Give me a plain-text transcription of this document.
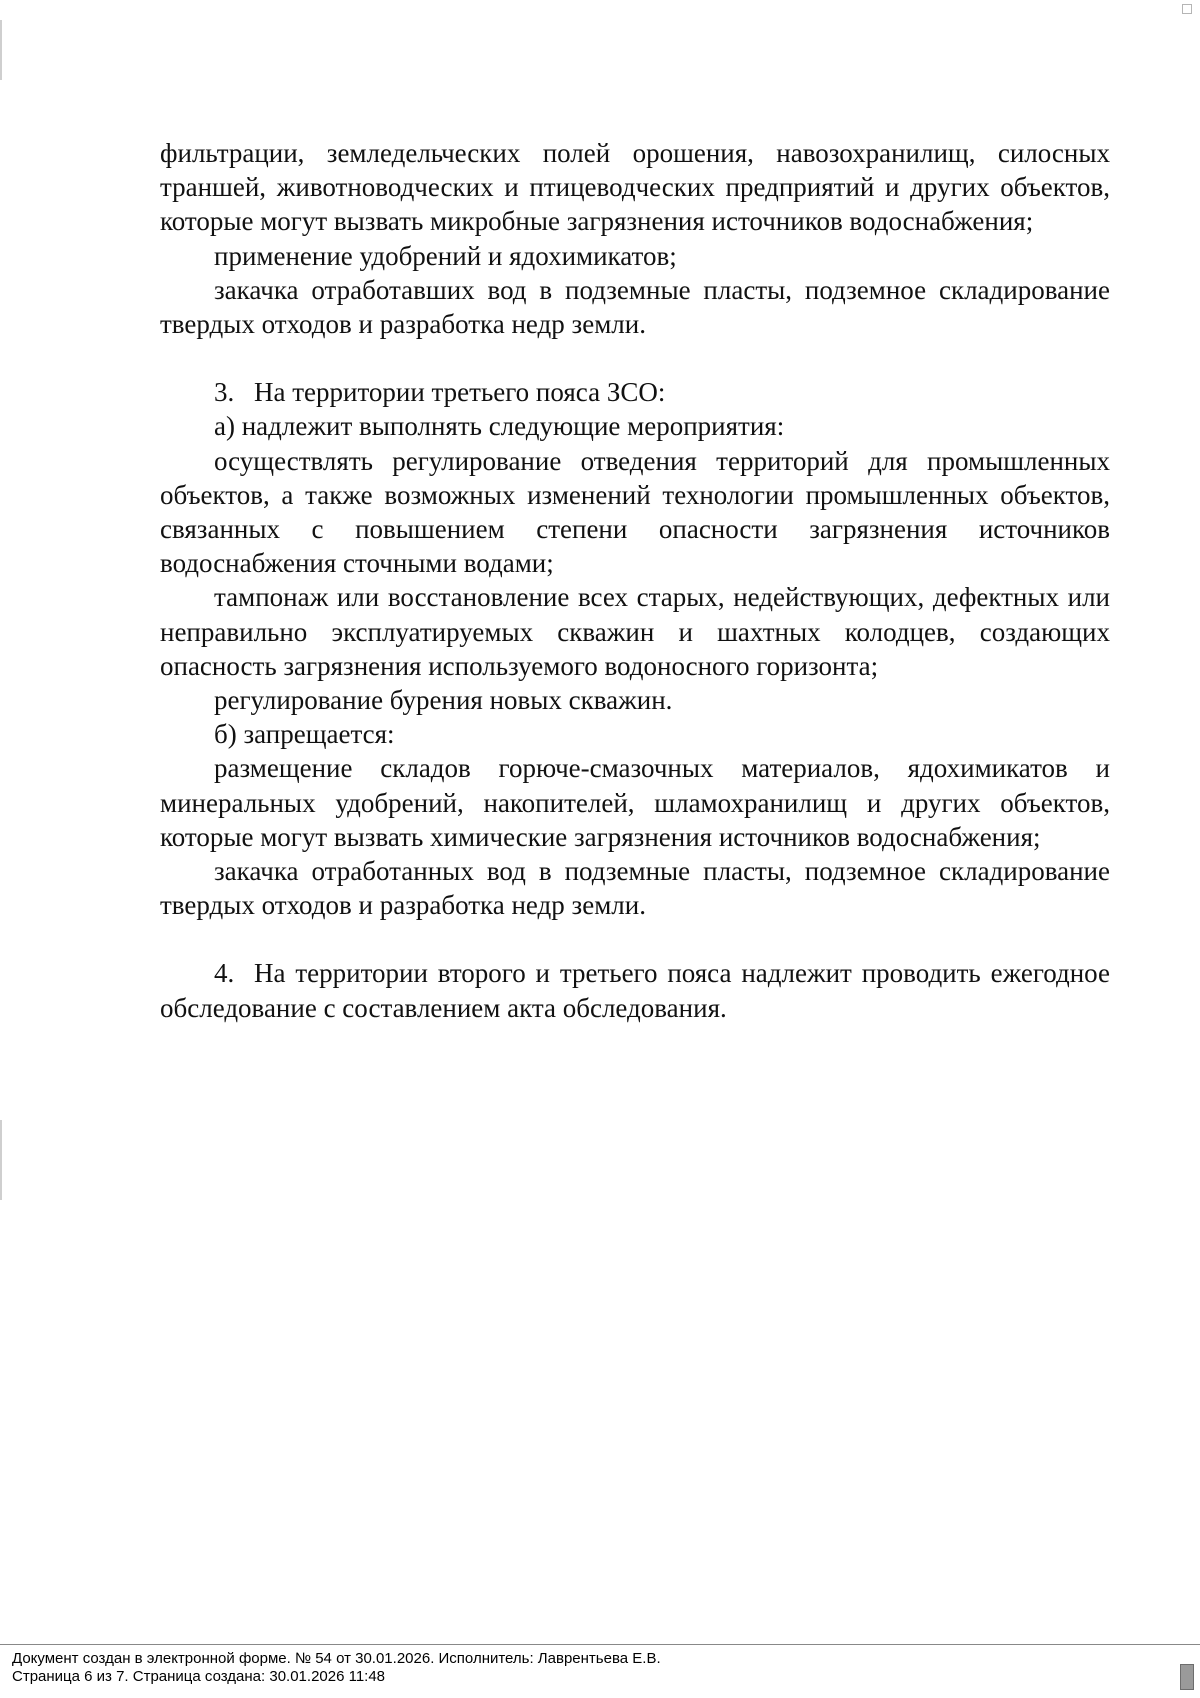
фильтрации, земледельческих полей орошения, навозохранилищ, силосных траншей, животноводческих и птицеводческих предприятий и других объектов, которые могут вызвать микробные загрязнения источников водоснабжения;

применение удобрений и ядохимикатов;

закачка отработавших вод в подземные пласты, подземное складирование твердых отходов и разработка недр земли.

3. На территории третьего пояса ЗСО:

а) надлежит выполнять следующие мероприятия:

осуществлять регулирование отведения территорий для промышленных объектов, а также возможных изменений технологии промышленных объектов, связанных с повышением степени опасности загрязнения источников водоснабжения сточными водами;

тампонаж или восстановление всех старых, недействующих, дефектных или неправильно эксплуатируемых скважин и шахтных колодцев, создающих опасность загрязнения используемого водоносного горизонта;

регулирование бурения новых скважин.

б) запрещается:

размещение складов горюче-смазочных материалов, ядохимикатов и минеральных удобрений, накопителей, шламохранилищ и других объектов, которые могут вызвать химические загрязнения источников водоснабжения;

закачка отработанных вод в подземные пласты, подземное складирование твердых отходов и разработка недр земли.

4. На территории второго и третьего пояса надлежит проводить ежегодное обследование с составлением акта обследования.

Документ создан в электронной форме. № 54 от 30.01.2026. Исполнитель: Лаврентьева Е.В.
Страница 6 из 7. Страница создана: 30.01.2026 11:48
